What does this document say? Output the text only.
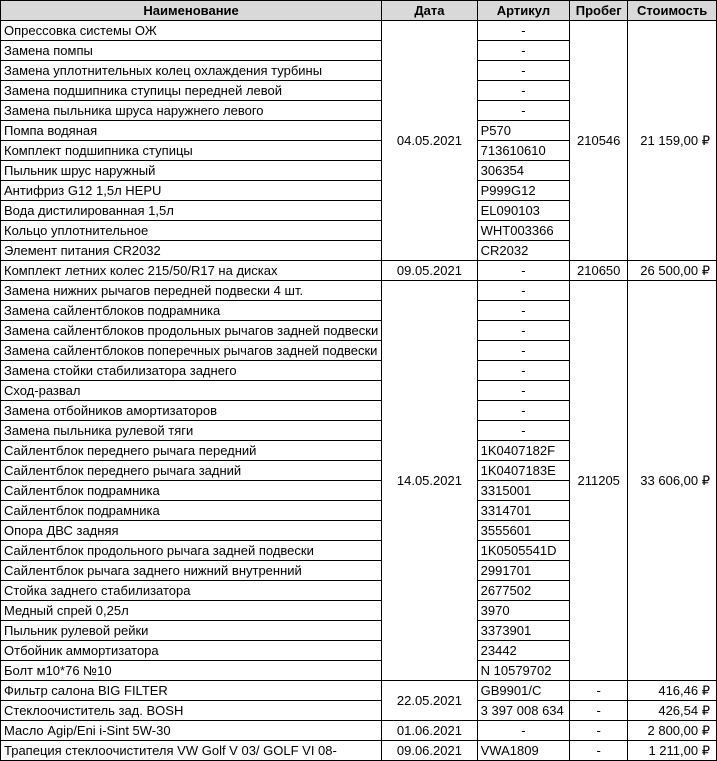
Наименование	Дата	Артикул	Пробег	Стоимость
Опрессовка системы ОЖ	04.05.2021	-	210546	21 159,00 ₽
Замена помпы		-		
Замена уплотнительных колец охлаждения турбины		-		
Замена подшипника ступицы передней левой		-		
Замена пыльника шруса наружнего левого		-		
Помпа водяная		P570		
Комплект подшипника ступицы		713610610		
Пыльник шрус наружный		306354		
Антифриз G12 1,5л HEPU		P999G12		
Вода дистилированная 1,5л		EL090103		
Кольцо уплотнительное		WHT003366		
Элемент питания CR2032		CR2032		
Комплект летних колес 215/50/R17 на дисках	09.05.2021	-	210650	26 500,00 ₽
Замена нижних рычагов передней подвески 4 шт.	14.05.2021	-	211205	33 606,00 ₽
Замена сайлентблоков подрамника		-		
Замена сайлентблоков продольных рычагов задней подвески		-		
Замена сайлентблоков поперечных рычагов задней подвески		-		
Замена стойки стабилизатора заднего		-		
Сход-развал		-		
Замена отбойников амортизаторов		-		
Замена пыльника рулевой тяги		-		
Сайлентблок переднего рычага передний		1K0407182F		
Сайлентблок переднего рычага задний		1K0407183E		
Сайлентблок подрамника		3315001		
Сайлентблок подрамника		3314701		
Опора ДВС задняя		3555601		
Сайлентблок продольного рычага задней подвески		1K0505541D		
Сайлентблок рычага заднего нижний внутренний		2991701		
Стойка заднего стабилизатора		2677502		
Медный спрей 0,25л		3970		
Пыльник рулевой рейки		3373901		
Отбойник аммортизатора		23442		
Болт м10*76 №10		N 10579702		
Фильтр салона BIG FILTER	22.05.2021	GB9901/C	-	416,46 ₽
Стеклоочиститель зад. BOSH		3 397 008 634	-	426,54 ₽
Масло Agip/Eni i-Sint 5W-30	01.06.2021	-	-	2 800,00 ₽
Трапеция стеклоочистителя VW Golf V 03/ GOLF VI 08-	09.06.2021	VWA1809	-	1 211,00 ₽
